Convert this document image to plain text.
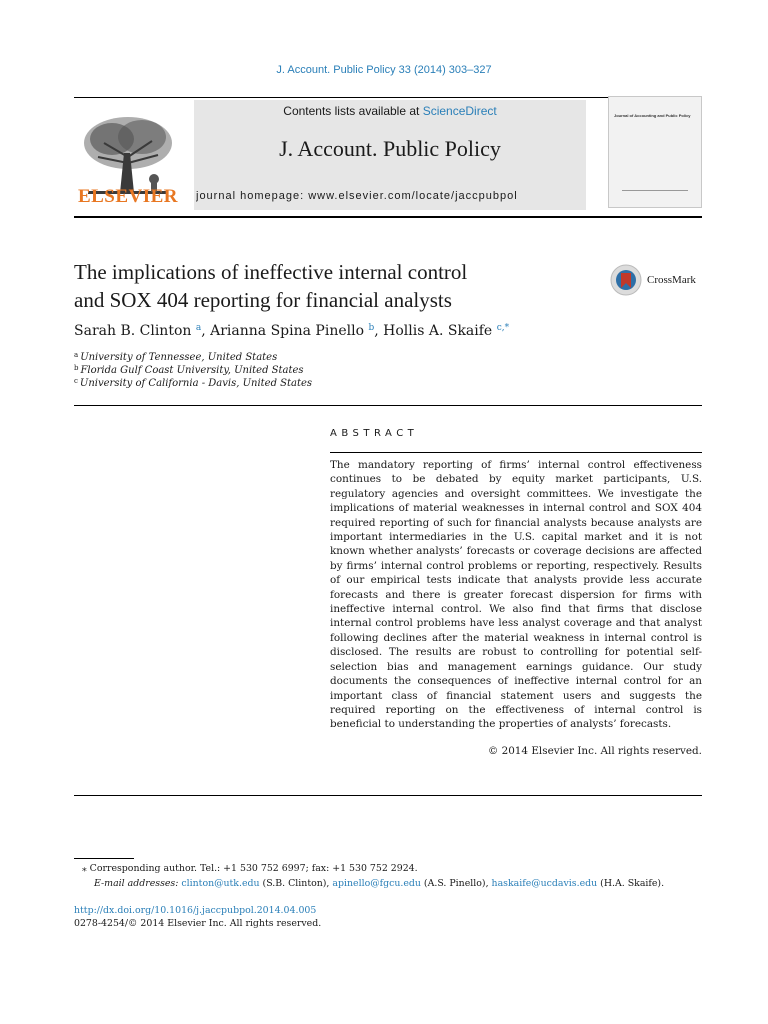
J. Account. Public Policy 33 (2014) 303–327
ELSEVIER
Contents lists available at ScienceDirect
J. Account. Public Policy
journal homepage: www.elsevier.com/locate/jaccpubpol
Journal of Accounting and Public Policy
The implications of ineffective internal control
and SOX 404 reporting for financial analysts
CrossMark
Sarah B. Clinton $^a$, Arianna Spina Pinello $^b$, Hollis A. Skaife $^{c,*}$
$^a$ University of Tennessee, United States
$^b$ Florida Gulf Coast University, United States
$^c$ University of California - Davis, United States
ABSTRACT
The mandatory reporting of firms’ internal control effectiveness continues to be debated by equity market participants, U.S. regulatory agencies and oversight committees. We investigate the implications of material weaknesses in internal control and SOX 404 required reporting of such for financial analysts because analysts are important intermediaries in the U.S. capital market and it is not known whether analysts’ forecasts or coverage decisions are affected by firms’ internal control problems or reporting, respectively. Results of our empirical tests indicate that analysts provide less accurate forecasts and there is greater forecast dispersion for firms with ineffective internal control. We also find that firms that disclose internal control problems have less analyst coverage and that analyst following declines after the material weakness in internal control is disclosed. The results are robust to controlling for potential self-selection bias and management earnings guidance. Our study documents the consequences of ineffective internal control for an important class of financial statement users and suggests the required reporting on the effectiveness of internal control is beneficial to understanding the properties of analysts’ forecasts.
© 2014 Elsevier Inc. All rights reserved.
⁎ Corresponding author. Tel.: +1 530 752 6997; fax: +1 530 752 2924.
E-mail addresses: clinton@utk.edu (S.B. Clinton), apinello@fgcu.edu (A.S. Pinello), haskaife@ucdavis.edu (H.A. Skaife).
http://dx.doi.org/10.1016/j.jaccpubpol.2014.04.005
0278-4254/© 2014 Elsevier Inc. All rights reserved.
